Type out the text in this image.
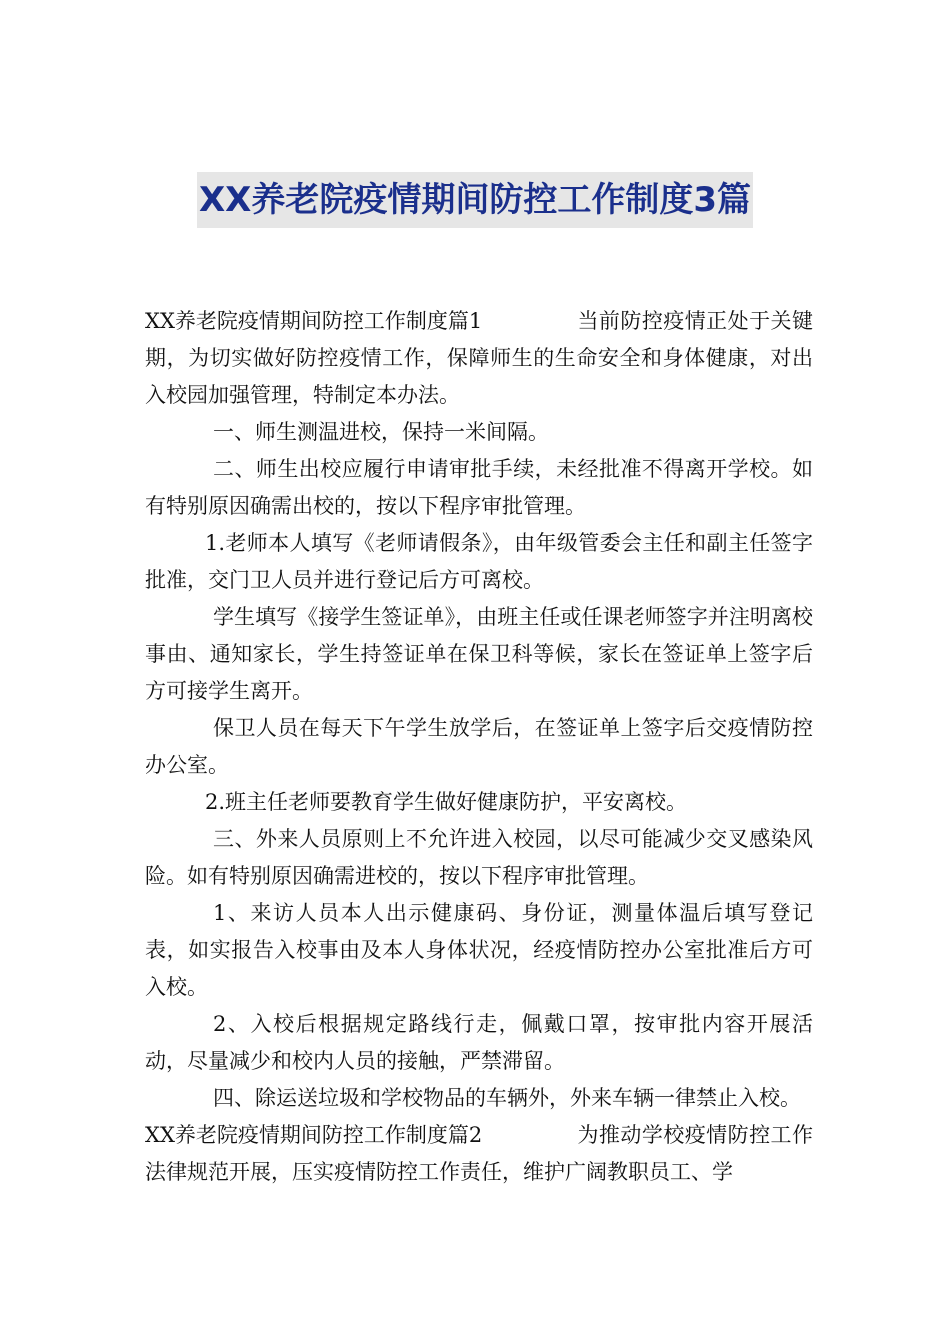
XX养老院疫情期间防控工作制度3篇

XX养老院疫情期间防控工作制度篇1	当前防控疫情正处于关键期，为切实做好防控疫情工作，保障师生的生命安全和身体健康，对出入校园加强管理，特制定本办法。

一、师生测温进校，保持一米间隔。

二、师生出校应履行申请审批手续，未经批准不得离开学校。如有特别原因确需出校的，按以下程序审批管理。

1.老师本人填写《老师请假条》，由年级管委会主任和副主任签字批准，交门卫人员并进行登记后方可离校。

学生填写《接学生签证单》，由班主任或任课老师签字并注明离校事由、通知家长，学生持签证单在保卫科等候，家长在签证单上签字后方可接学生离开。

保卫人员在每天下午学生放学后，在签证单上签字后交疫情防控办公室。

2.班主任老师要教育学生做好健康防护，平安离校。

三、外来人员原则上不允许进入校园，以尽可能减少交叉感染风险。如有特别原因确需进校的，按以下程序审批管理。

1、来访人员本人出示健康码、身份证，测量体温后填写登记表，如实报告入校事由及本人身体状况，经疫情防控办公室批准后方可入校。

2、入校后根据规定路线行走，佩戴口罩，按审批内容开展活动，尽量减少和校内人员的接触，严禁滞留。

四、除运送垃圾和学校物品的车辆外，外来车辆一律禁止入校。

XX养老院疫情期间防控工作制度篇2	为推动学校疫情防控工作法律规范开展，压实疫情防控工作责任，维护广阔教职员工、学
